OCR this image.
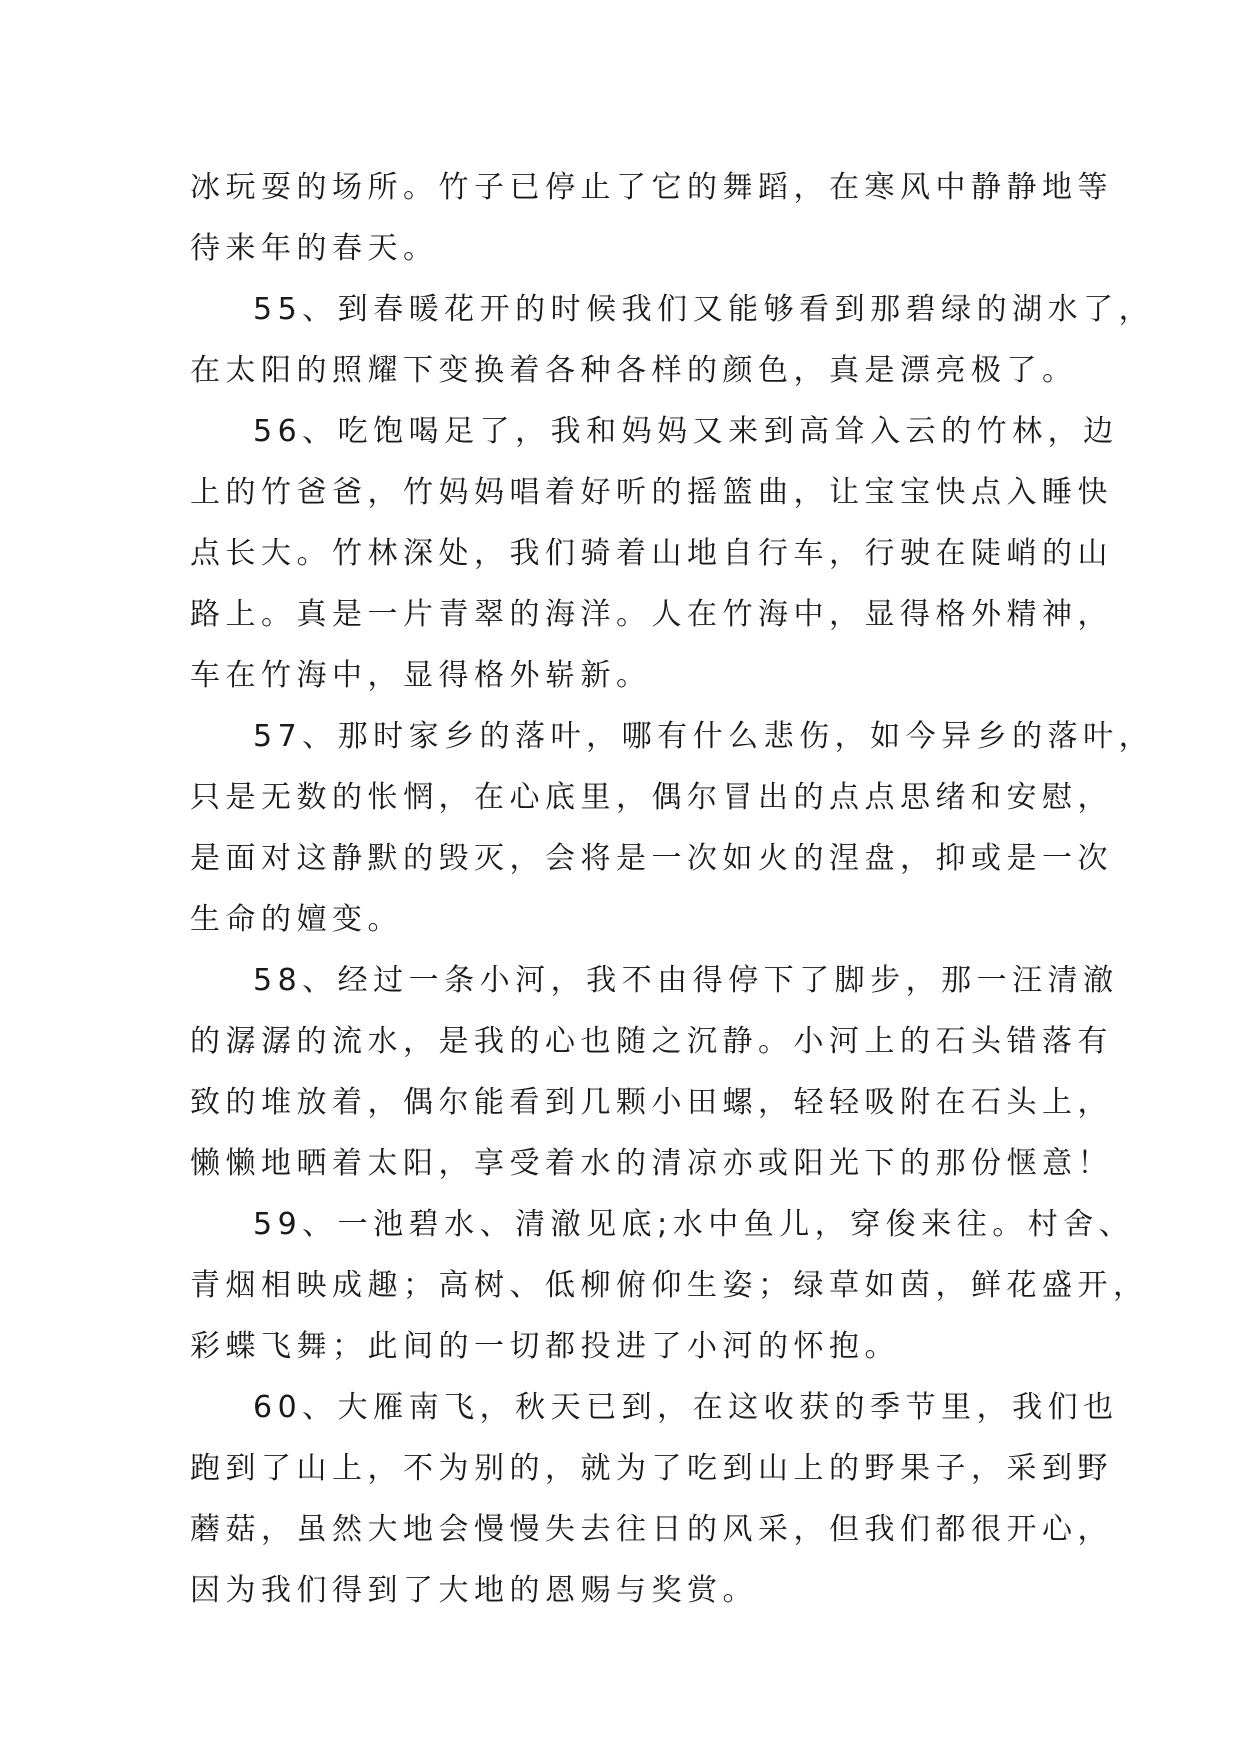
冰玩耍的场所。竹子已停止了它的舞蹈，在寒风中静静地等
待来年的春天。
55、到春暖花开的时候我们又能够看到那碧绿的湖水了，
在太阳的照耀下变换着各种各样的颜色，真是漂亮极了。
56、吃饱喝足了，我和妈妈又来到高耸入云的竹林，边
上的竹爸爸，竹妈妈唱着好听的摇篮曲，让宝宝快点入睡快
点长大。竹林深处，我们骑着山地自行车，行驶在陡峭的山
路上。真是一片青翠的海洋。人在竹海中，显得格外精神，
车在竹海中，显得格外崭新。
57、那时家乡的落叶，哪有什么悲伤，如今异乡的落叶，
只是无数的怅惘，在心底里，偶尔冒出的点点思绪和安慰，
是面对这静默的毁灭，会将是一次如火的涅盘，抑或是一次
生命的嬗变。
58、经过一条小河，我不由得停下了脚步，那一汪清澈
的潺潺的流水，是我的心也随之沉静。小河上的石头错落有
致的堆放着，偶尔能看到几颗小田螺，轻轻吸附在石头上，
懒懒地晒着太阳，享受着水的清凉亦或阳光下的那份惬意！
59、一池碧水、清澈见底;水中鱼儿，穿俊来往。村舍、
青烟相映成趣；高树、低柳俯仰生姿；绿草如茵，鲜花盛开，
彩蝶飞舞；此间的一切都投进了小河的怀抱。
60、大雁南飞，秋天已到，在这收获的季节里，我们也
跑到了山上，不为别的，就为了吃到山上的野果子，采到野
蘑菇，虽然大地会慢慢失去往日的风采，但我们都很开心，
因为我们得到了大地的恩赐与奖赏。
